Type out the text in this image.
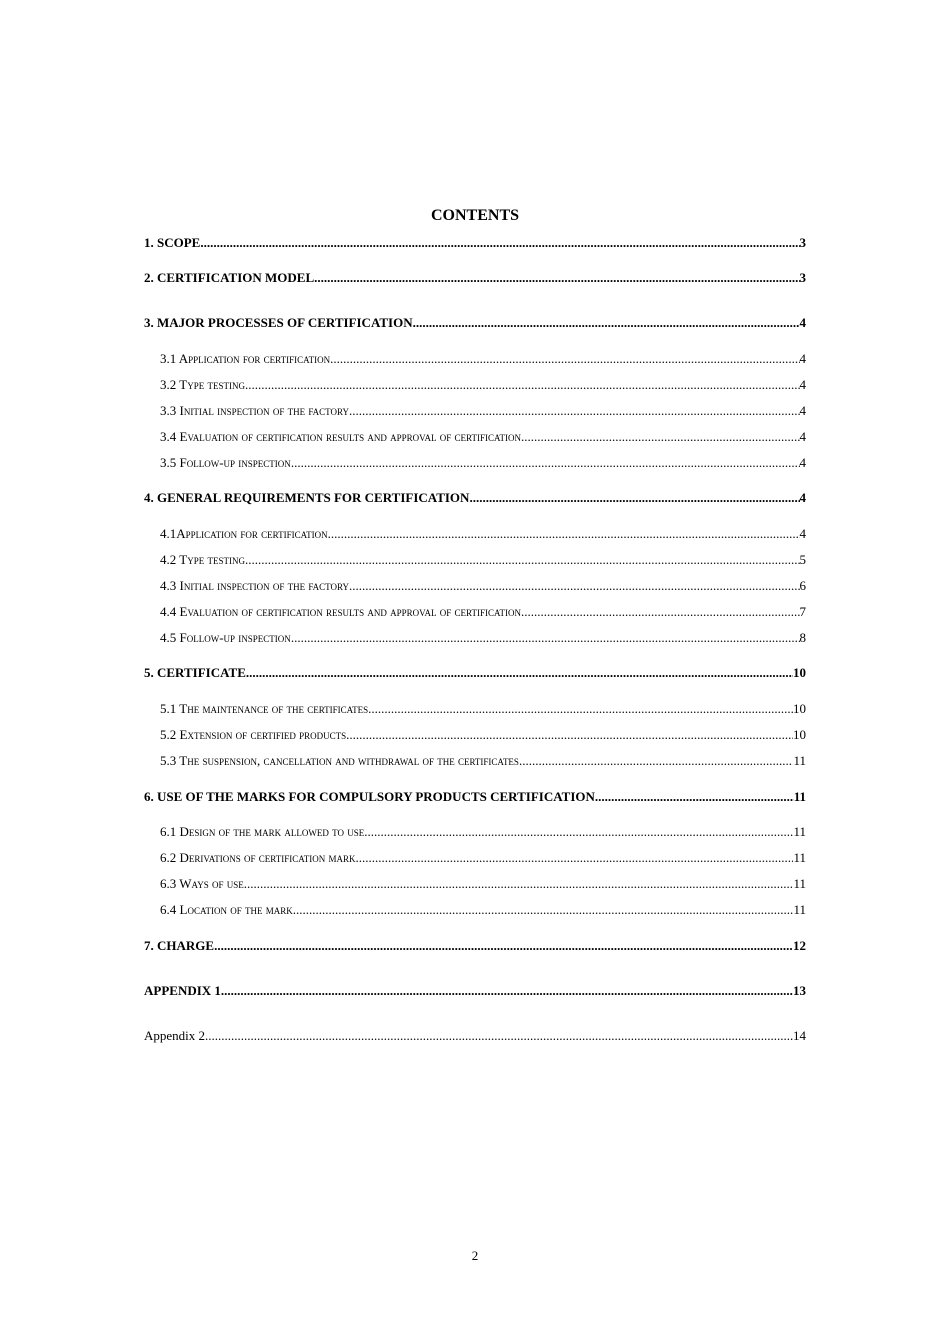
CONTENTS
1. SCOPE .....	3
2. CERTIFICATION MODEL .....	3
3. MAJOR PROCESSES OF CERTIFICATION .....	4
3.1 Application for certification .....	4
3.2 Type testing .....	4
3.3 Initial inspection of the factory .....	4
3.4 Evaluation of certification results and approval of certification .....	4
3.5 Follow-up inspection .....	4
4. GENERAL REQUIREMENTS FOR CERTIFICATION .....	4
4.1Application for certification .....	4
4.2 Type testing .....	5
4.3 Initial inspection of the factory .....	6
4.4 Evaluation of certification results and approval of certification .....	7
4.5 Follow-up inspection .....	8
5. CERTIFICATE .....	10
5.1 The maintenance of the certificates .....	10
5.2 Extension of certified products .....	10
5.3 The suspension, cancellation and withdrawal of the certificates .....	11
6. USE OF THE MARKS FOR COMPULSORY PRODUCTS CERTIFICATION .....	11
6.1 Design of the mark allowed to use .....	11
6.2 Derivations of certification mark .....	11
6.3 Ways of use .....	11
6.4 Location of the mark .....	11
7. CHARGE .....	12
APPENDIX 1 .....	13
Appendix 2 .....	14
2
